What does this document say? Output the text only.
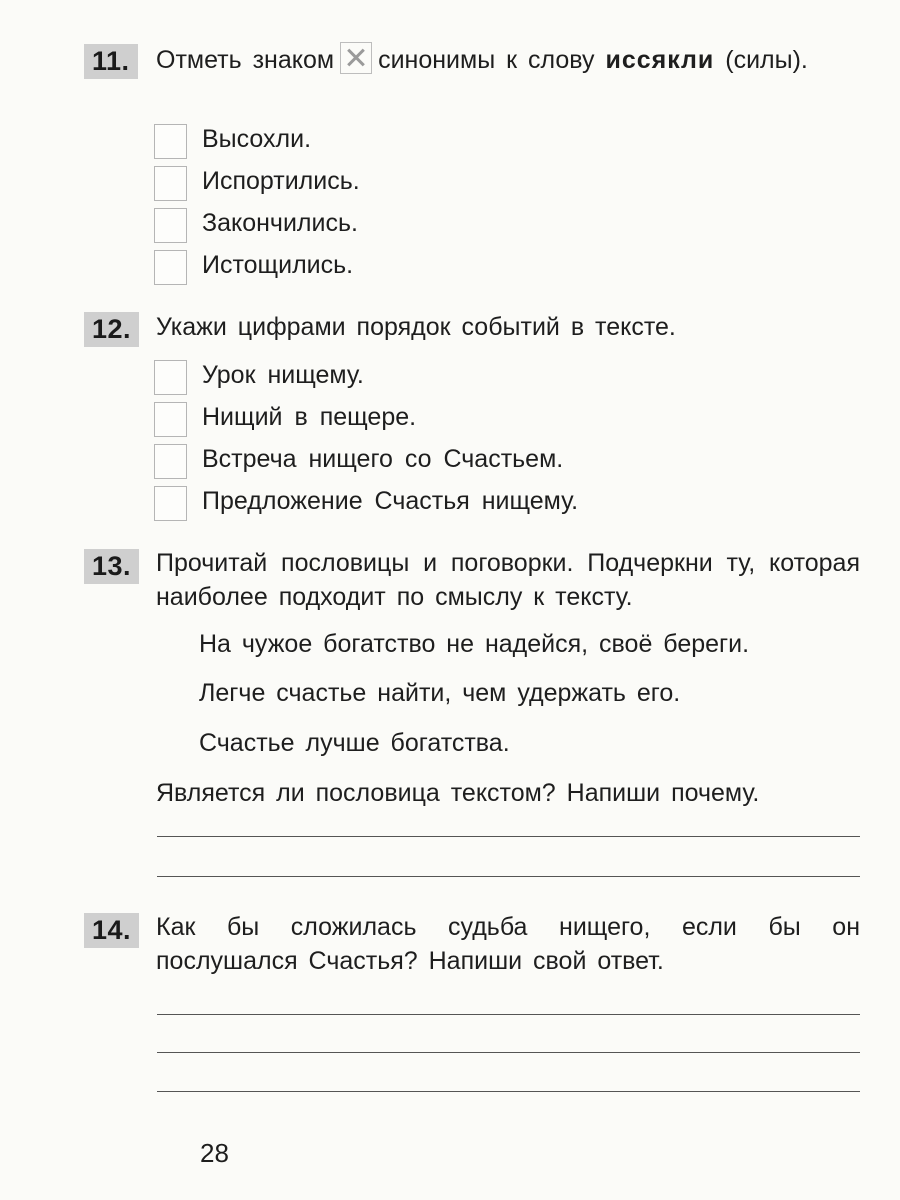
11.	Отметь знаком синонимы к слову иссякли (силы).
Высохли.
Испортились.
Закончились.
Истощились.
12. Укажи цифрами порядок событий в тексте.
Урок нищему.
Нищий в пещере.
Встреча нищего со Счастьем.
Предложение Счастья нищему.
13. Прочитай пословицы и поговорки. Подчеркни ту, которая наиболее подходит по смыслу к тексту.
На чужое богатство не надейся, своё береги.
Легче счастье найти, чем удержать его.
Счастье лучше богатства.
Является ли пословица текстом? Напиши почему.
14. Как бы сложилась судьба нищего, если бы он послушался Счастья? Напиши свой ответ.
28
